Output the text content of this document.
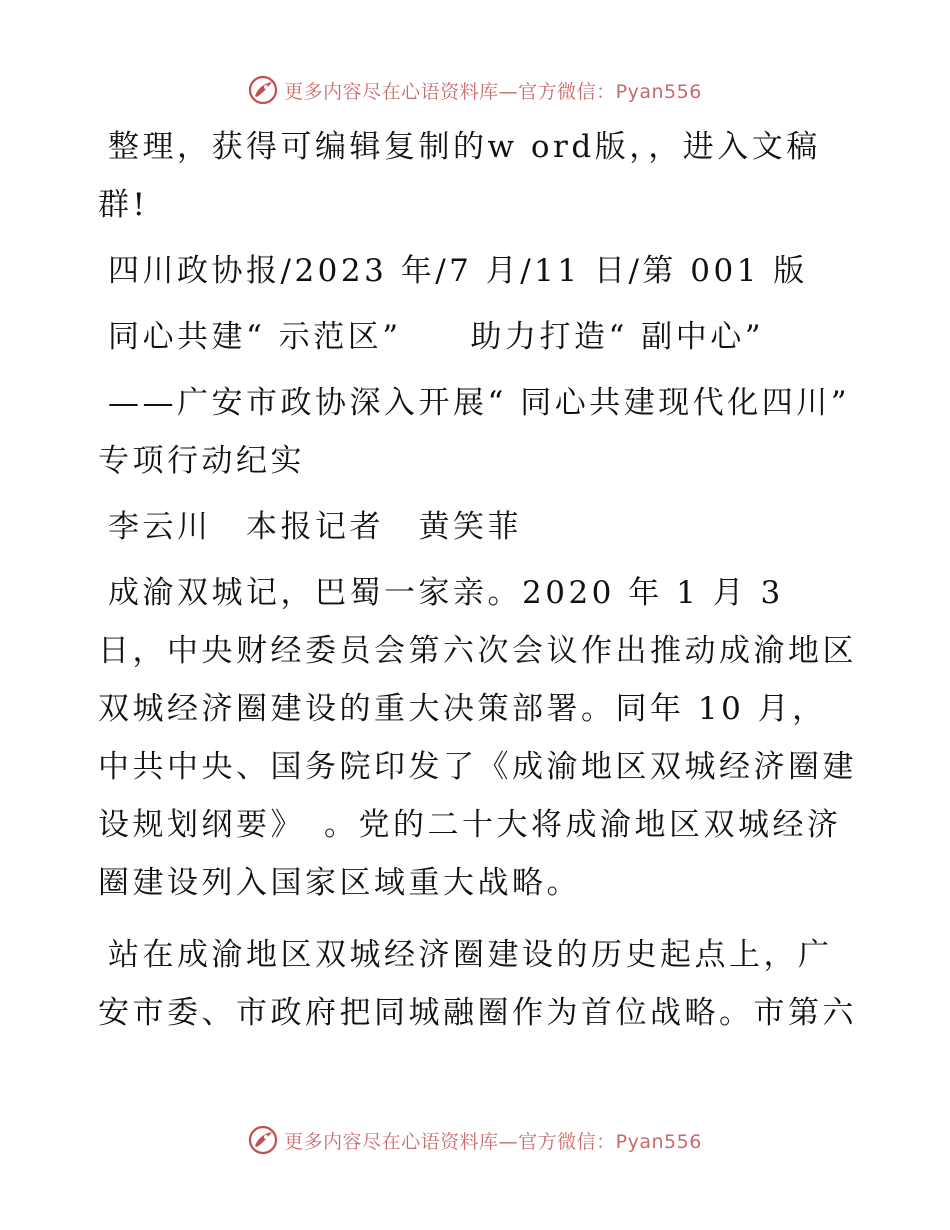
更多内容尽在心语资料库—官方微信：Pyan556

整理，获得可编辑复制的w ord版，，进入文稿群!

四川政协报/2023 年/7 月/11 日/第 001 版

同心共建“ 示范区”　　助力打造“ 副中心”

——广安市政协深入开展“ 同心共建现代化四川”　专项行动纪实

李云川　本报记者　黄笑菲

成渝双城记，巴蜀一家亲。2020 年 1 月 3 日，中央财经委员会第六次会议作出推动成渝地区双城经济圈建设的重大决策部署。同年 10 月，中共中央、国务院印发了《成渝地区双城经济圈建设规划纲要》　。党的二十大将成渝地区双城经济圈建设列入国家区域重大战略。

站在成渝地区双城经济圈建设的历史起点上，广安市委、市政府把同城融圈作为首位战略。市第六

更多内容尽在心语资料库—官方微信：Pyan556
